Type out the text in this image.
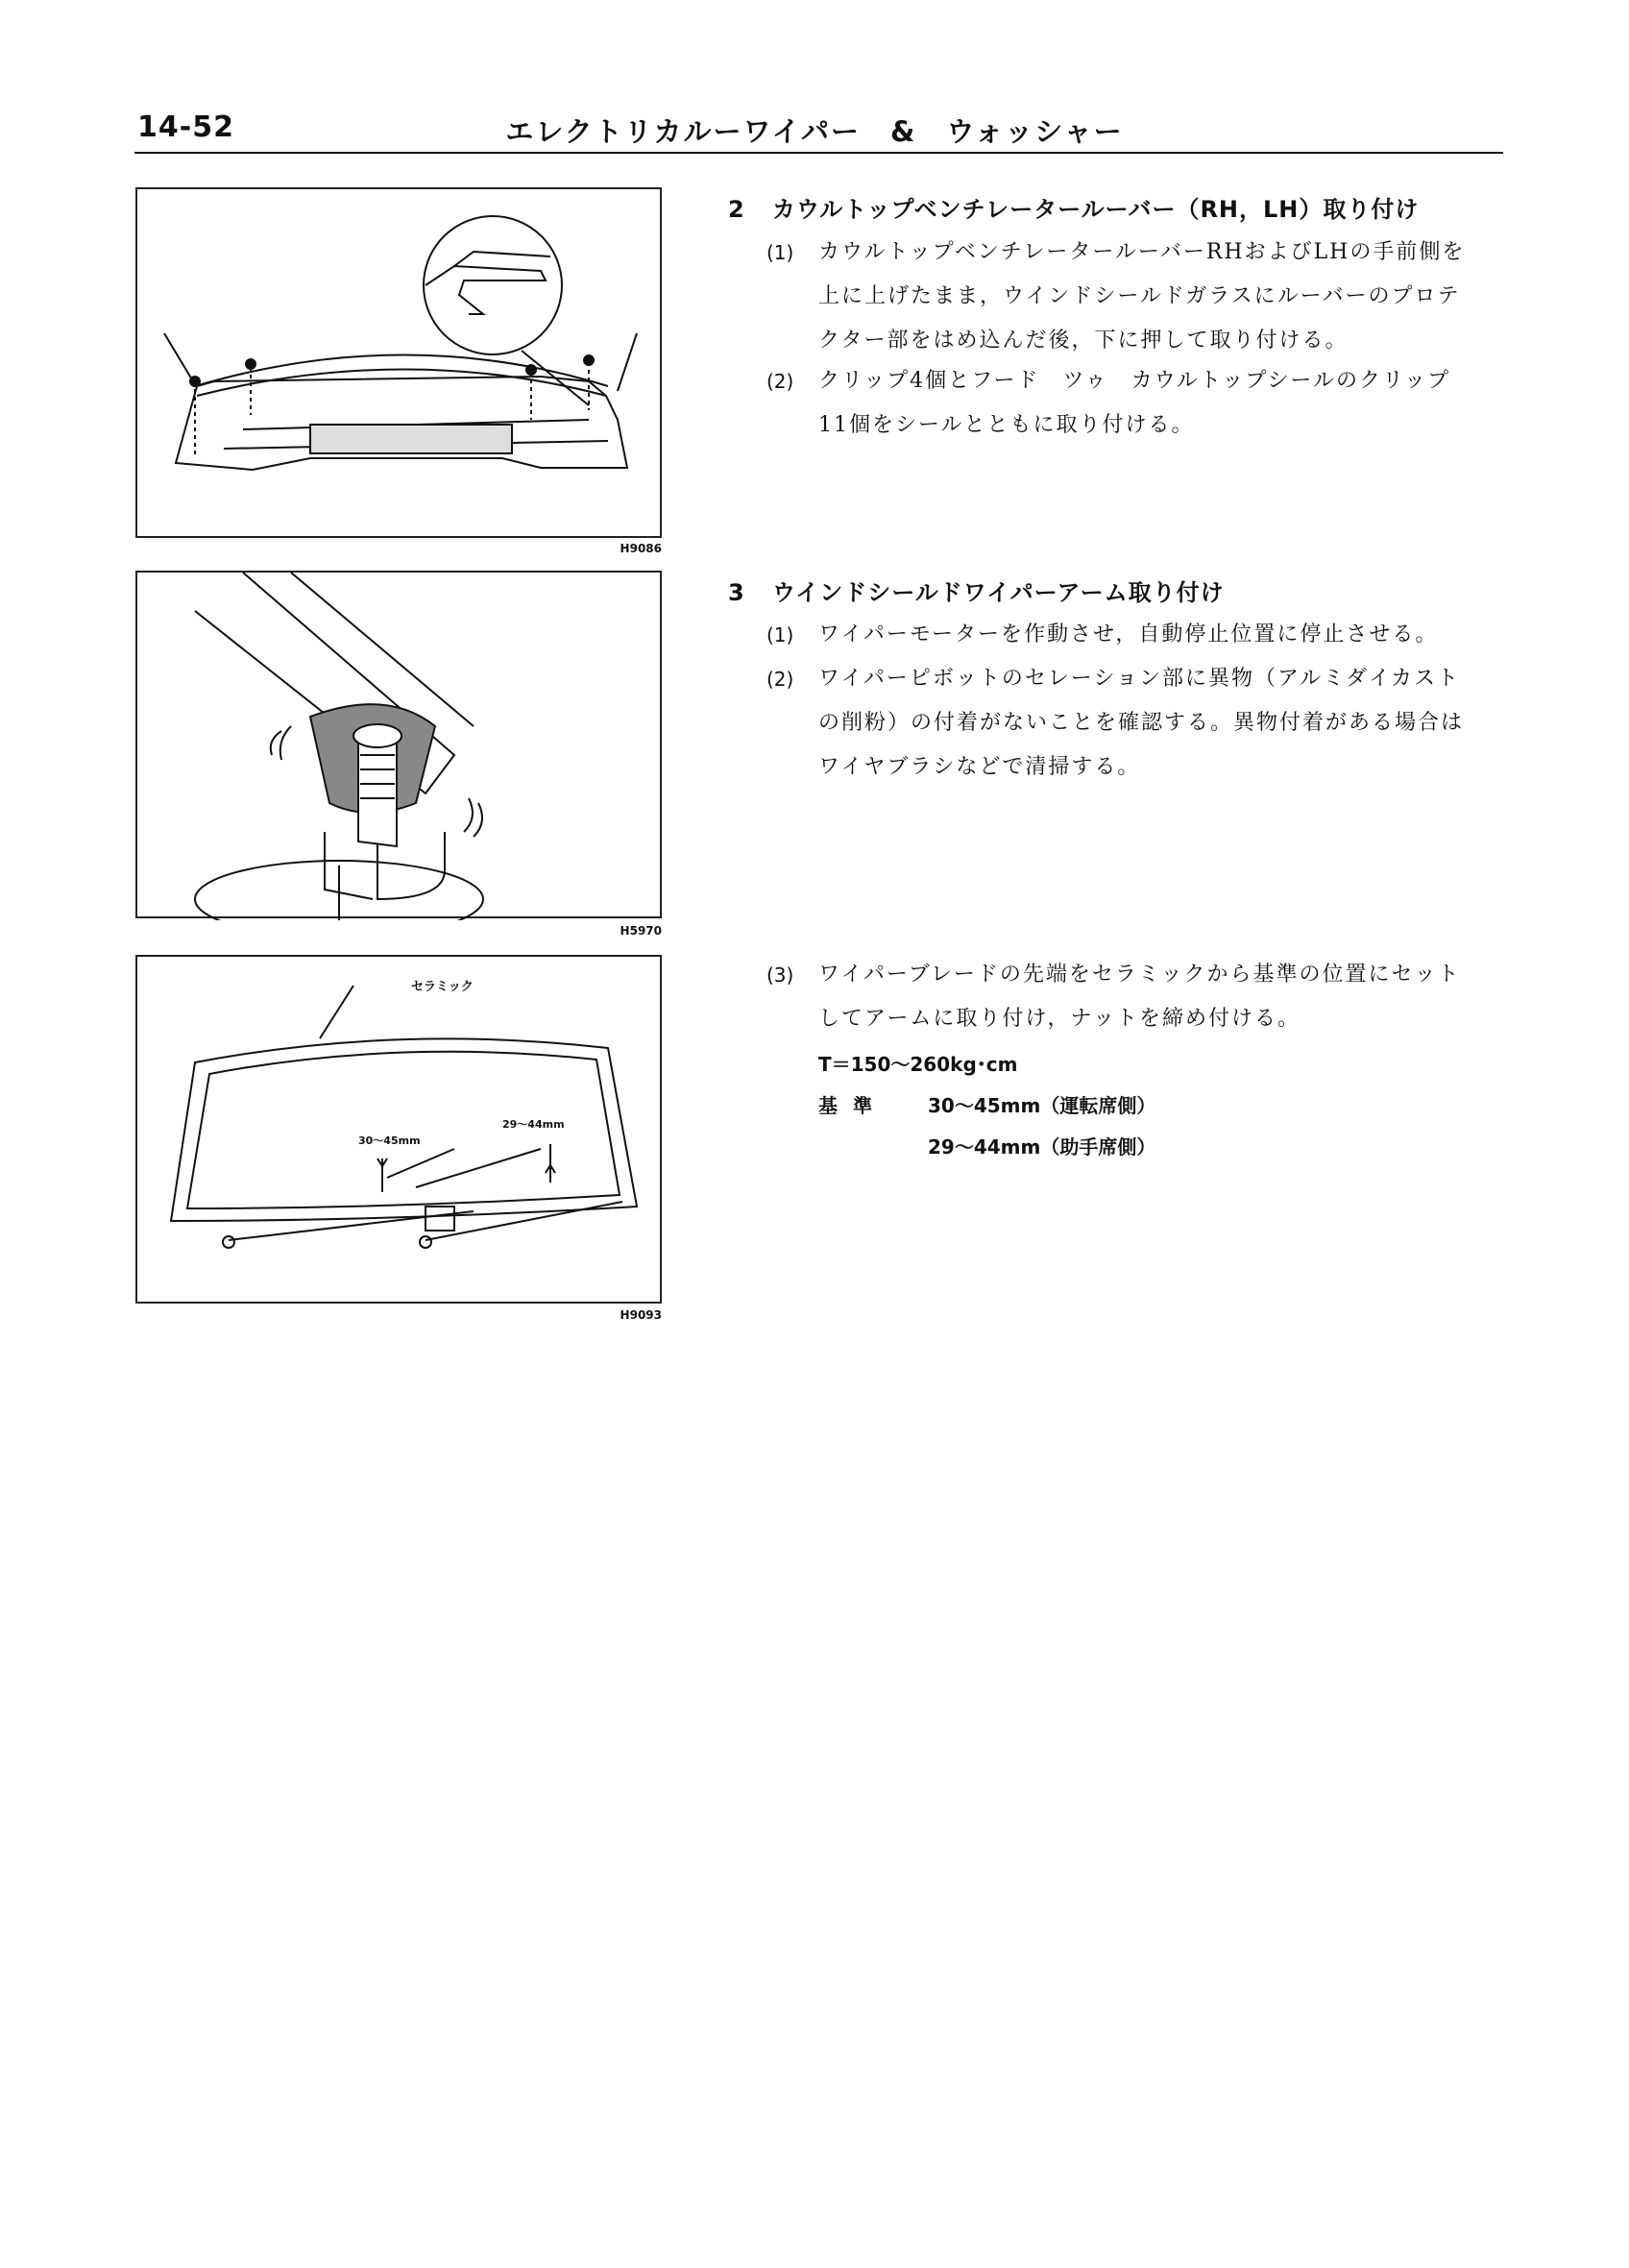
14-52	エレクトリカルーワイパー　&　ウォッシャー
H9086
H5970
セラミック
30〜45mm
29〜44mm
H9093
2 カウルトップベンチレータールーバー（RH，LH）取り付け
(1)	カウルトップベンチレータールーバーRHおよびLHの手前側を
上に上げたまま，ウインドシールドガラスにルーバーのプロテ
クター部をはめ込んだ後，下に押して取り付ける。
(2)	クリップ4個とフード　ツゥ　カウルトップシールのクリップ
11個をシールとともに取り付ける。
3 ウインドシールドワイパーアーム取り付け
(1)	ワイパーモーターを作動させ，自動停止位置に停止させる。
(2)	ワイパーピボットのセレーション部に異物（アルミダイカスト
の削粉）の付着がないことを確認する。異物付着がある場合は
ワイヤブラシなどで清掃する。
(3)	ワイパーブレードの先端をセラミックから基準の位置にセット
してアームに取り付け，ナットを締め付ける。
T＝150〜260kg･cm
基準 30〜45mm（運転席側）
29〜44mm（助手席側）
